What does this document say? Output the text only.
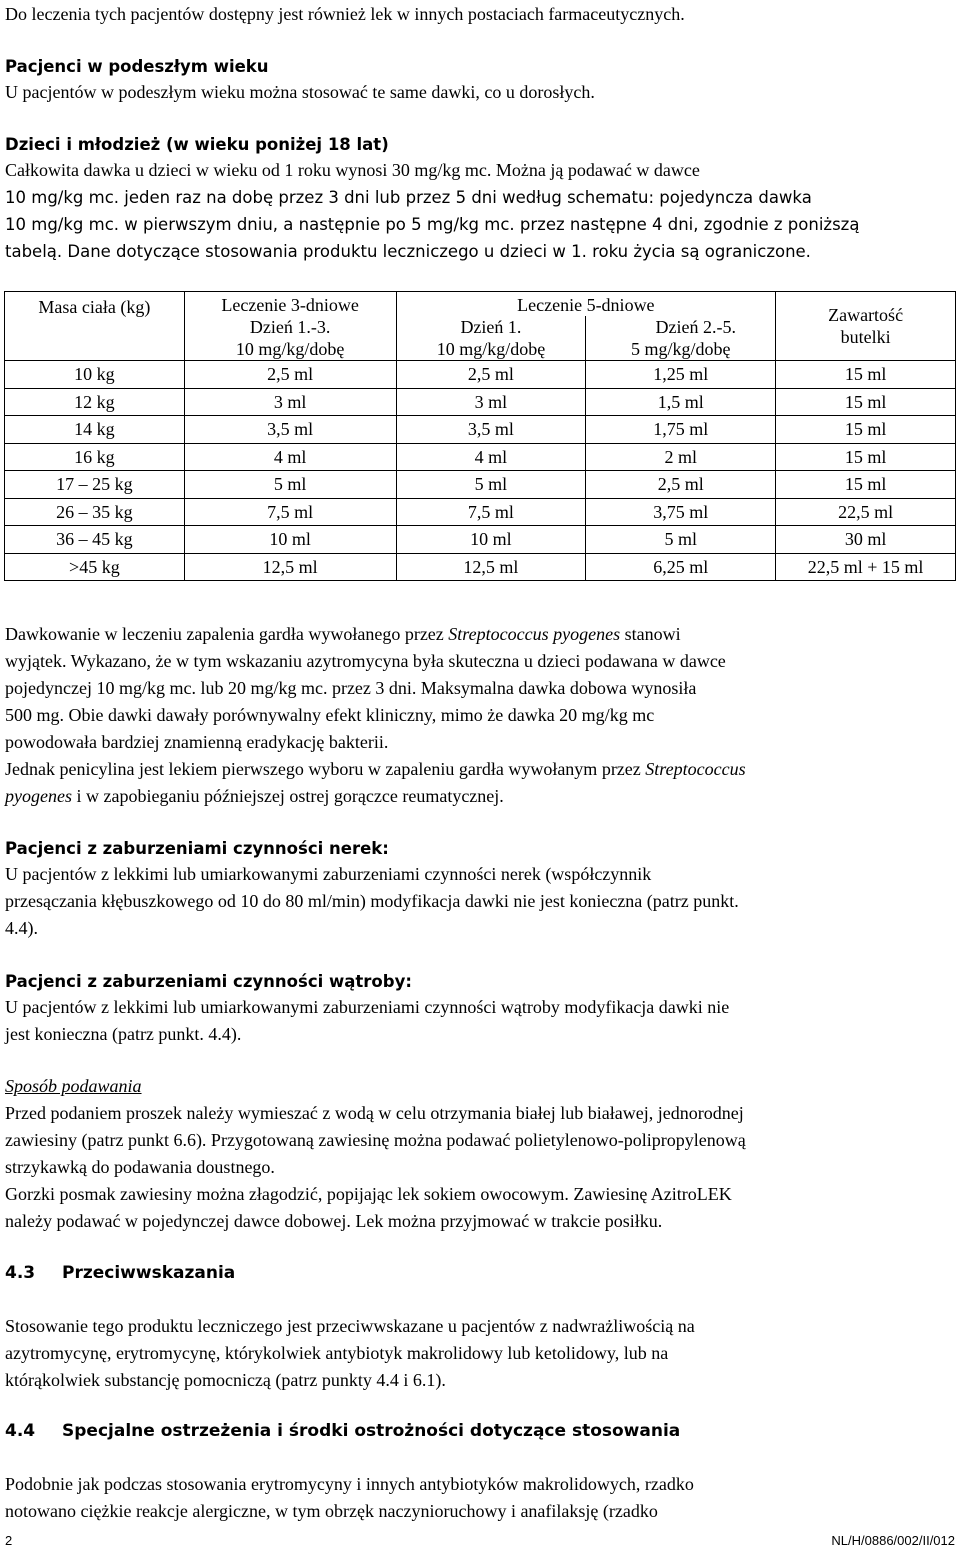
Do leczenia tych pacjentów dostępny jest również lek w innych postaciach farmaceutycznych.

Pacjenci w podeszłym wieku

U pacjentów w podeszłym wieku można stosować te same dawki, co u dorosłych.

Dzieci i młodzież (w wieku poniżej 18 lat)

Całkowita dawka u dzieci w wieku od 1 roku wynosi 30 mg/kg mc. Można ją podawać w dawce

10 mg/kg mc. jeden raz na dobę przez 3 dni lub przez 5 dni według schematu: pojedyncza dawka

10 mg/kg mc. w pierwszym dniu, a następnie po 5 mg/kg mc. przez następne 4 dni, zgodnie z poniższą

tabelą. Dane dotyczące stosowania produktu leczniczego u dzieci w 1. roku życia są ograniczone.

Masa ciała (kg)	Leczenie 3-dniowe	Leczenie 5-dniowe		Zawartość
butelki

	Dzień 1.-3.	Dzień 1.	Dzień 2.-5.	
	10 mg/kg/dobę	10 mg/kg/dobę	5 mg/kg/dobę	
10 kg	2,5 ml	2,5 ml	1,25 ml	15 ml
12 kg	3 ml	3 ml	1,5 ml	15 ml
14 kg	3,5 ml	3,5 ml	1,75 ml	15 ml
16 kg	4 ml	4 ml	2 ml	15 ml
17 – 25 kg	5 ml	5 ml	2,5 ml	15 ml
26 – 35 kg	7,5 ml	7,5 ml	3,75 ml	22,5 ml
36 – 45 kg	10 ml	10 ml	5 ml	30 ml
>45 kg	12,5 ml	12,5 ml	6,25 ml	22,5 ml + 15 ml

Dawkowanie w leczeniu zapalenia gardła wywołanego przez Streptococcus pyogenes stanowi

wyjątek. Wykazano, że w tym wskazaniu azytromycyna była skuteczna u dzieci podawana w dawce

pojedynczej 10 mg/kg mc. lub 20 mg/kg mc. przez 3 dni. Maksymalna dawka dobowa wynosiła

500 mg. Obie dawki dawały porównywalny efekt kliniczny, mimo że dawka 20 mg/kg mc

powodowała bardziej znamienną eradykację bakterii.

Jednak penicylina jest lekiem pierwszego wyboru w zapaleniu gardła wywołanym przez Streptococcus

pyogenes i w zapobieganiu późniejszej ostrej gorączce reumatycznej.

Pacjenci z zaburzeniami czynności nerek:

U pacjentów z lekkimi lub umiarkowanymi zaburzeniami czynności nerek (współczynnik

przesączania kłębuszkowego od 10 do 80 ml/min) modyfikacja dawki nie jest konieczna (patrz punkt.

4.4).

Pacjenci z zaburzeniami czynności wątroby:

U pacjentów z lekkimi lub umiarkowanymi zaburzeniami czynności wątroby modyfikacja dawki nie

jest konieczna (patrz punkt. 4.4).

Sposób podawania

Przed podaniem proszek należy wymieszać z wodą w celu otrzymania białej lub białawej, jednorodnej

zawiesiny (patrz punkt 6.6). Przygotowaną zawiesinę można podawać polietylenowo-polipropylenową

strzykawką do podawania doustnego.

Gorzki posmak zawiesiny można złagodzić, popijając lek sokiem owocowym. Zawiesinę AzitroLEK

należy podawać w pojedynczej dawce dobowej. Lek można przyjmować w trakcie posiłku.

4.3 Przeciwwskazania

Stosowanie tego produktu leczniczego jest przeciwwskazane u pacjentów z nadwrażliwością na

azytromycynę, erytromycynę, którykolwiek antybiotyk makrolidowy lub ketolidowy, lub na

którąkolwiek substancję pomocniczą (patrz punkty 4.4 i 6.1).

4.4 Specjalne ostrzeżenia i środki ostrożności dotyczące stosowania

Podobnie jak podczas stosowania erytromycyny i innych antybiotyków makrolidowych, rzadko

notowano ciężkie reakcje alergiczne, w tym obrzęk naczynioruchowy i anafilaksję (rzadko

2	NL/H/0886/002/II/012
